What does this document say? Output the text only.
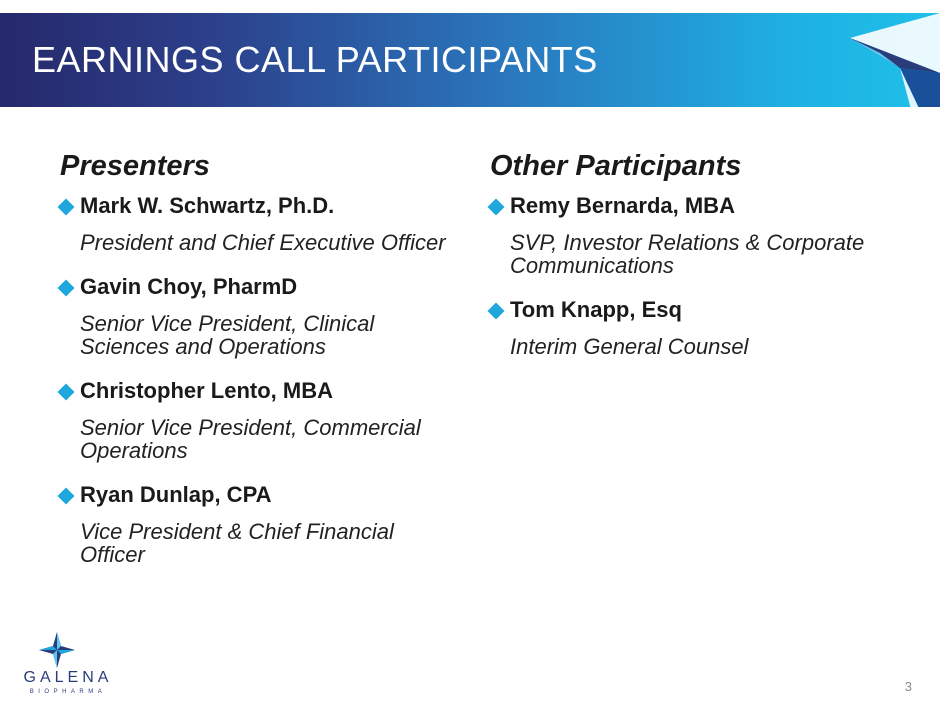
EARNINGS CALL PARTICIPANTS
Presenters
Mark W. Schwartz, Ph.D.
President and Chief Executive Officer
Gavin Choy, PharmD
Senior Vice President, Clinical Sciences and Operations
Christopher Lento, MBA
Senior Vice President, Commercial Operations
Ryan Dunlap, CPA
Vice President & Chief Financial Officer
Other Participants
Remy Bernarda, MBA
SVP, Investor Relations & Corporate Communications
Tom Knapp, Esq
Interim General Counsel
GALENA
BIOPHARMA	3
